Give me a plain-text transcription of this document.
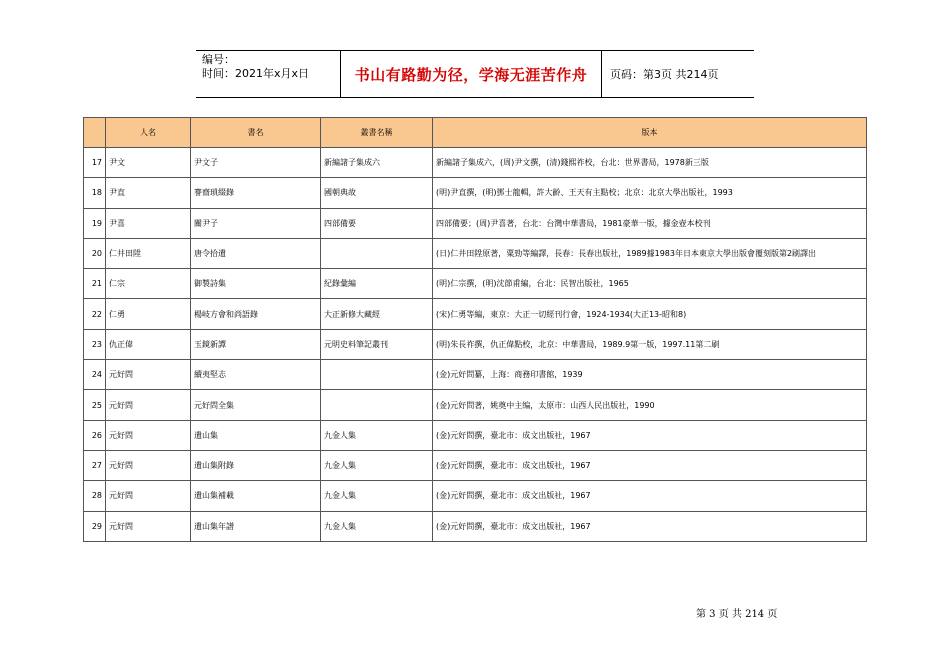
编号：
时间：2021年x月x日	书山有路勤为径，学海无涯苦作舟 页码：第3页 共214页
	人名	書名	叢書名稱	版本
17	尹文	尹文子	新編諸子集成六	新編諸子集成六，(周)尹文撰，(清)錢熙祚校，台北：世界書局，1978新三版
18	尹直	謇齋瑣綴錄	國朝典故	(明)尹直撰，(明)鄧士龍輯，許大齡、王天有主點校；北京：北京大學出版社，1993
19	尹喜	關尹子	四部備要	四部備要；(周)尹喜著，台北：台灣中華書局，1981豪華一版，據金壺本校刊
20	仁井田陞	唐令拾遺		(日)仁井田陞原著，粟勁等編譯，長春：長春出版社，1989據1983年日本東京大學出版會覆刻版第2刷譯出
21	仁宗	御製詩集	紀錄彙編	(明)仁宗撰，(明)沈節甫編，台北：民智出版社，1965
22	仁勇	楊岐方會和尚語錄	大正新修大藏經	(宋)仁勇等編，東京：大正一切經刊行會，1924-1934(大正13-昭和8)
23	仇正偉	玉鏡新譚	元明史料筆記叢刊	(明)朱長祚撰，仇正偉點校，北京：中華書局，1989.9第一版，1997.11第二刷
24	元好問	續夷堅志		(金)元好問纂，上海：商務印書館，1939
25	元好問	元好問全集		(金)元好問著，姚奠中主编，太原市：山西人民出版社，1990
26	元好問	遺山集	九金人集	(金)元好問撰，臺北市：成文出版社，1967
27	元好問	遺山集附錄	九金人集	(金)元好問撰，臺北市：成文出版社，1967
28	元好問	遺山集補載	九金人集	(金)元好問撰，臺北市：成文出版社，1967
29	元好問	遺山集年譜	九金人集	(金)元好問撰，臺北市：成文出版社，1967
第 3 页 共 214 页
